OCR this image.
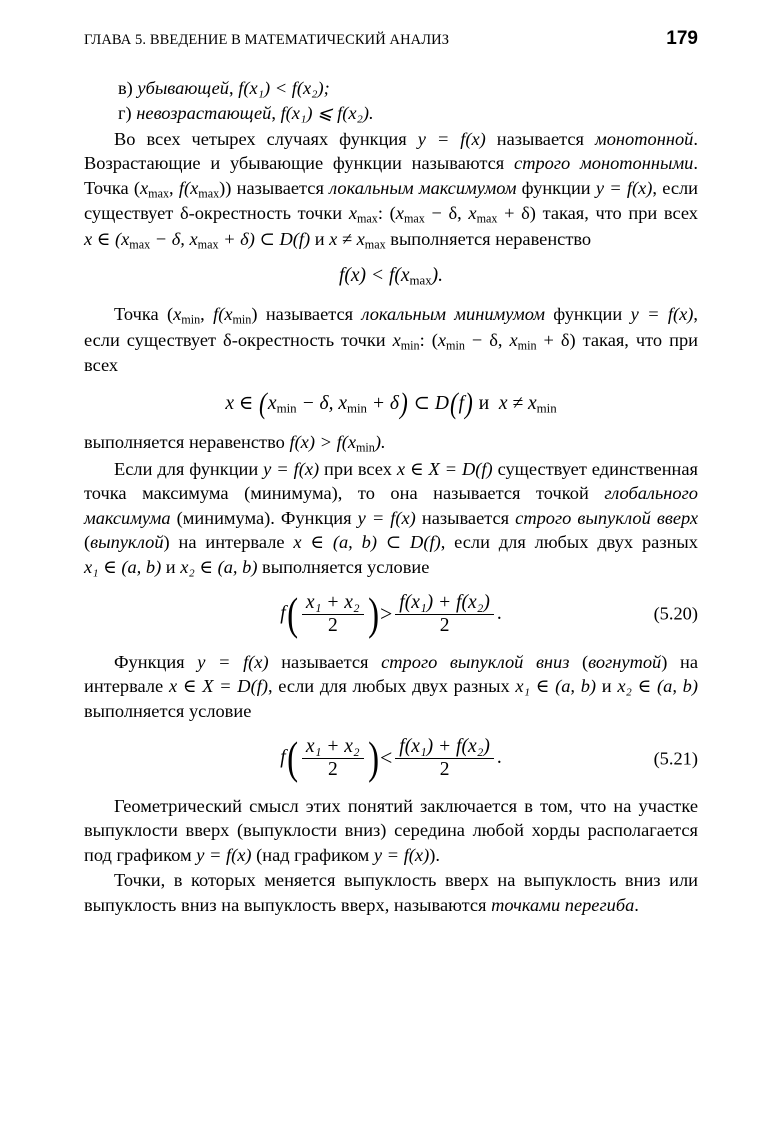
ГЛАВА 5. ВВЕДЕНИЕ В МАТЕМАТИЧЕСКИЙ АНАЛИЗ	179

в) убывающей, f(x₁) < f(x₂);

г) невозрастающей, f(x₁) ⩽ f(x₂).

Во всех четырех случаях функция y = f(x) называется монотонной. Возрастающие и убывающие функции называются строго монотонными. Точка ($x_{max}$, $f(x_{max})$) называется локальным максимумом функции y = f(x), если существует δ-окрестность точки $x_{max}$: ($x_{max} - \delta$, $x_{max} + \delta$) такая, что при всех x ∈ ($x_{max} - \delta$, $x_{max} + \delta$) ⊂ D(f) и $x \ne x_{max}$ выполняется неравенство

$f(x) < f(x_{max})$.

Точка ($x_{min}$, $f(x_{min})$ называется локальным минимумом функции y = f(x), если существует δ-окрестность точки $x_{min}$: ($x_{min} - \delta$, $x_{min} + \delta$) такая, что при всех

x ∈ ($x_{min} - \delta$, $x_{min} + \delta$) ⊂ D(f) и  $x \ne x_{min}$

выполняется неравенство $f(x) > f(x_{min})$.

Если для функции y = f(x) при всех x ∈ X = D(f) существует единственная точка максимума (минимума), то она называется точкой глобального максимума (минимума). Функция y = f(x) называется строго выпуклой вверх (выпуклой) на интервале x ∈ (a, b) ⊂ D(f), если для любых двух разных x₁ ∈ (a, b) и x₂ ∈ (a, b) выполняется условие

$f( \frac{\text{x₁ + x₂}}{2}$ )> $\frac{\text{f(x₁) + f(x₂)}}{2}$ .	(5.20)

Функция y = f(x) называется строго выпуклой вниз (вогнутой) на интервале x ∈ X = D(f), если для любых двух разных x₁ ∈ (a, b) и x₂ ∈ (a, b) выполняется условие

$f( \frac{\text{x₁ + x₂}}{2}$ )< $\frac{\text{f(x₁) + f(x₂)}}{2}$ .	(5.21)

Геометрический смысл этих понятий заключается в том, что на участке выпуклости вверх (выпуклости вниз) середина любой хорды располагается под графиком y = f(x) (над графиком y = f(x)).

Точки, в которых меняется выпуклость вверх на выпуклость вниз или выпуклость вниз на выпуклость вверх, называются точками перегиба.
